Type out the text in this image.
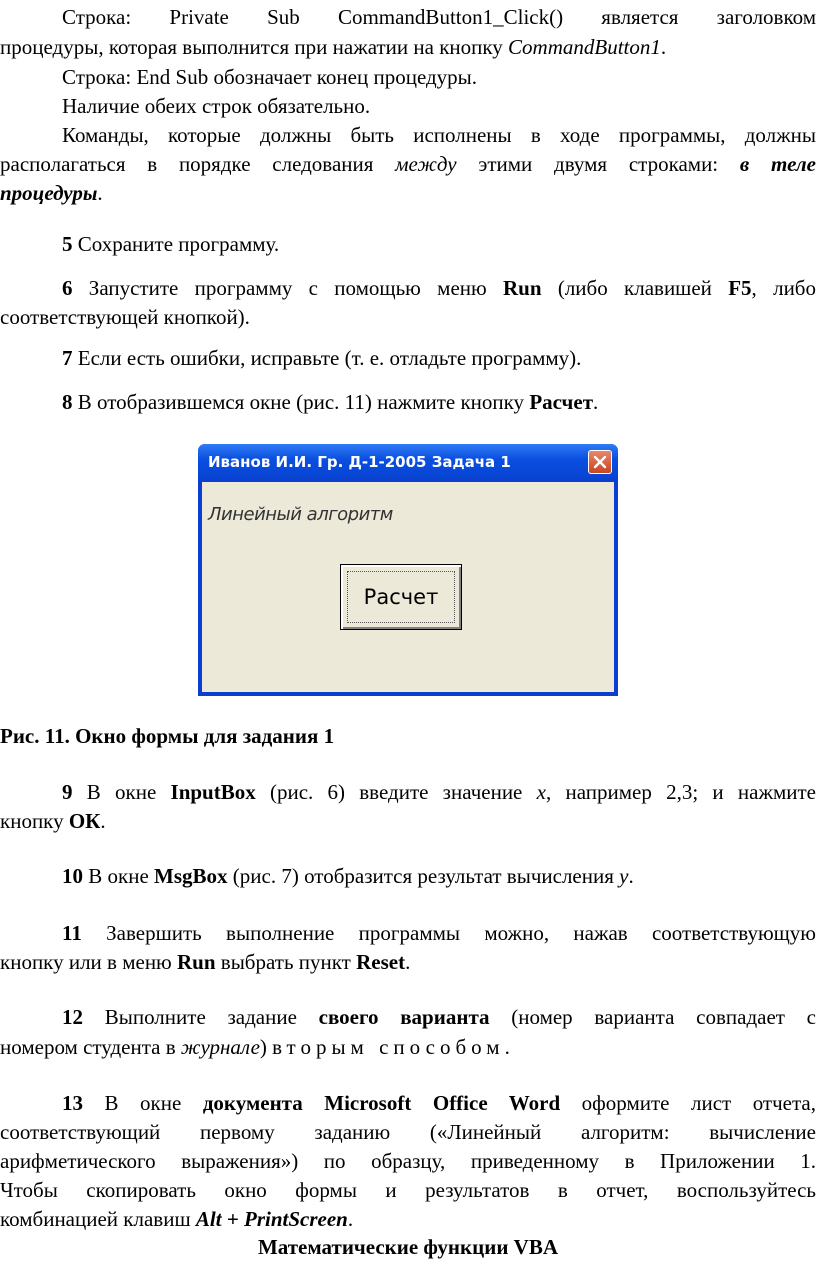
Строка: Private Sub CommandButton1_Click() является заголовком
процедуры, которая выполнится при нажатии на кнопку CommandButton1.
Строка: End Sub обозначает конец процедуры.
Наличие обеих строк обязательно.
Команды, которые должны быть исполнены в ходе программы, должны
располагаться в порядке следования между этими двумя строками: в теле
процедуры.
5 Сохраните программу.
6 Запустите программу с помощью меню Run (либо клавишей F5, либо
соответствующей кнопкой).
7 Если есть ошибки, исправьте (т. е. отладьте программу).
8 В отобразившемся окне (рис. 11) нажмите кнопку Расчет.
Иванов И.И. Гр. Д-1-2005 Задача 1
Линейный алгоритм
Расчет
Рис. 11. Окно формы для задания 1
9 В окне InputBox (рис. 6) введите значение x, например 2,3; и нажмите
кнопку ОК.
10 В окне MsgBox (рис. 7) отобразится результат вычисления y.
11 Завершить выполнение программы можно, нажав соответствующую
кнопку или в меню Run выбрать пункт Reset.
12 Выполните задание своего варианта (номер варианта совпадает с
номером студента в журнале) вторым способом.
13 В окне документа Microsoft Office Word оформите лист отчета,
соответствующий первому заданию («Линейный алгоритм: вычисление
арифметического выражения») по образцу, приведенному в Приложении 1.
Чтобы скопировать окно формы и результатов в отчет, воспользуйтесь
комбинацией клавиш Alt + PrintScreen.
Математические функции VBA
